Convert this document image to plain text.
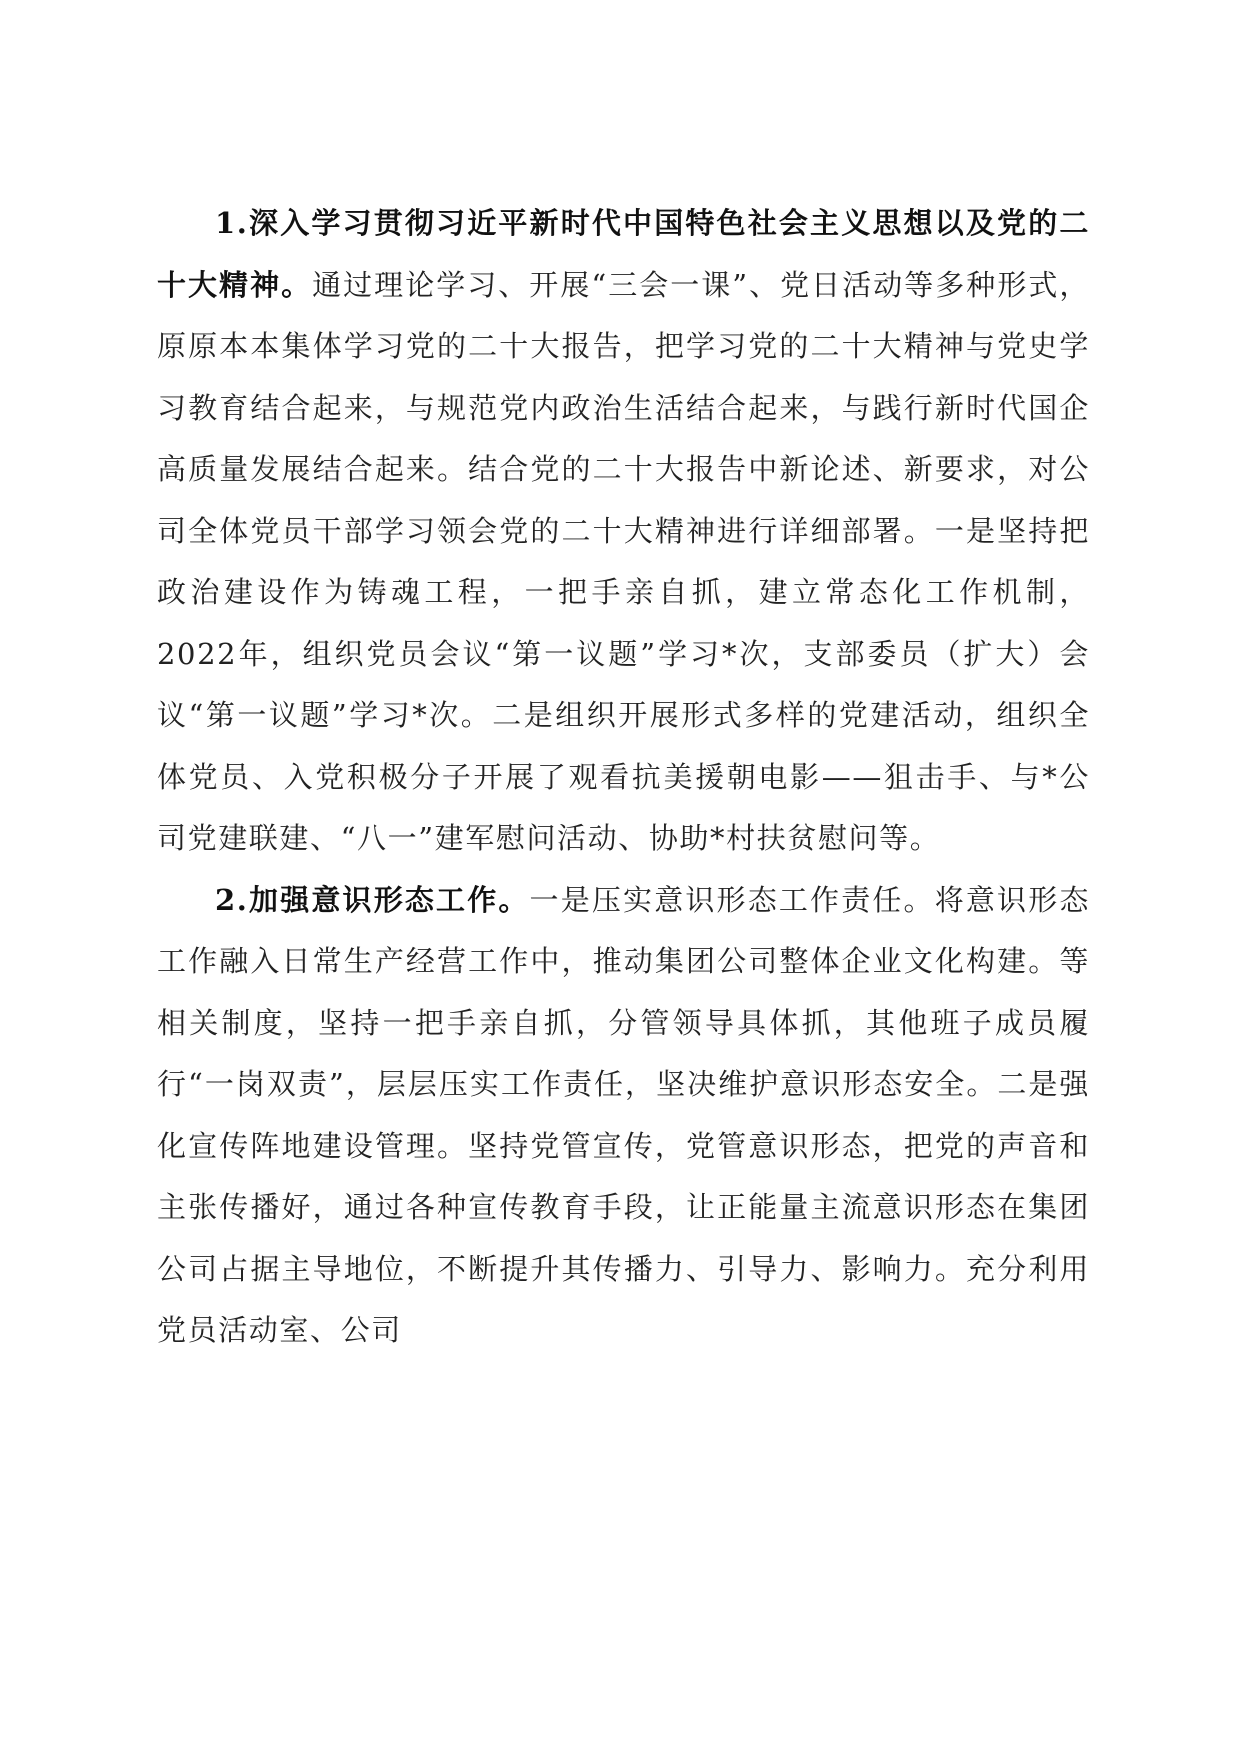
1.深入学习贯彻习近平新时代中国特色社会主义思想以及党的二十大精神。通过理论学习、开展“三会一课”、党日活动等多种形式，原原本本集体学习党的二十大报告，把学习党的二十大精神与党史学习教育结合起来，与规范党内政治生活结合起来，与践行新时代国企高质量发展结合起来。结合党的二十大报告中新论述、新要求，对公司全体党员干部学习领会党的二十大精神进行详细部署。一是坚持把政治建设作为铸魂工程，一把手亲自抓，建立常态化工作机制，2022年，组织党员会议“第一议题”学习*次，支部委员（扩大）会议“第一议题”学习*次。二是组织开展形式多样的党建活动，组织全体党员、入党积极分子开展了观看抗美援朝电影——狙击手、与*公司党建联建、“八一”建军慰问活动、协助*村扶贫慰问等。

2.加强意识形态工作。一是压实意识形态工作责任。将意识形态工作融入日常生产经营工作中，推动集团公司整体企业文化构建。等相关制度，坚持一把手亲自抓，分管领导具体抓，其他班子成员履行“一岗双责”，层层压实工作责任，坚决维护意识形态安全。二是强化宣传阵地建设管理。坚持党管宣传，党管意识形态，把党的声音和主张传播好，通过各种宣传教育手段，让正能量主流意识形态在集团公司占据主导地位，不断提升其传播力、引导力、影响力。充分利用党员活动室、公司
